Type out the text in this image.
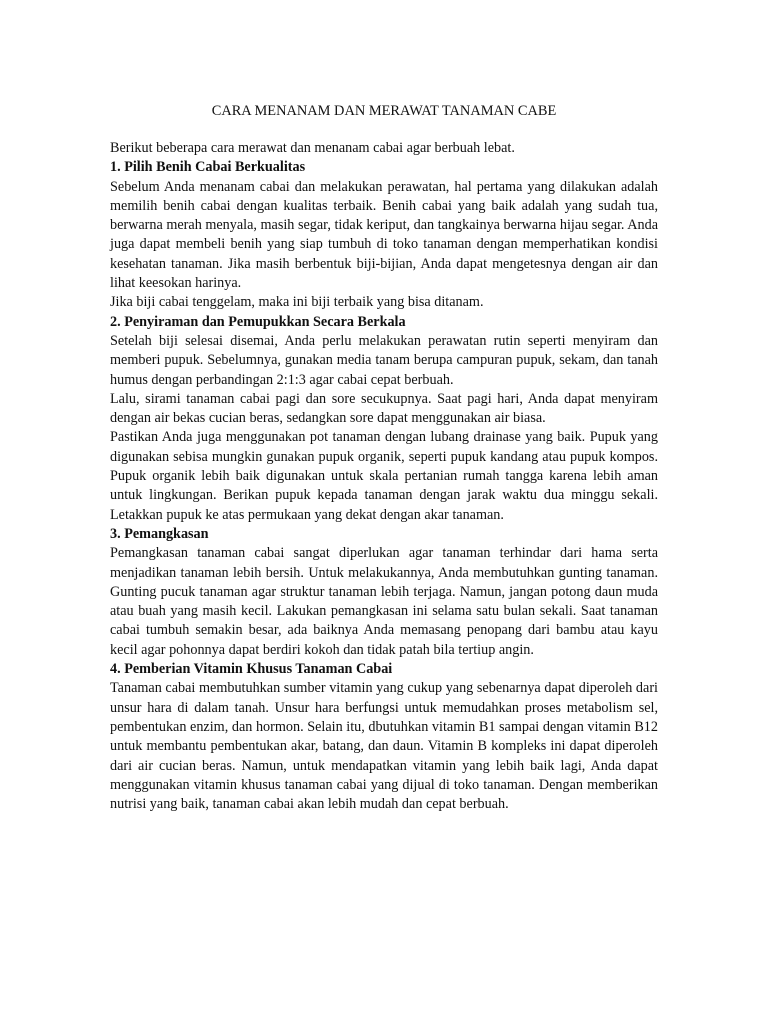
CARA MENANAM DAN MERAWAT TANAMAN CABE

Berikut beberapa cara merawat dan menanam cabai agar berbuah lebat.

1. Pilih Benih Cabai Berkualitas

Sebelum Anda menanam cabai dan melakukan perawatan, hal pertama yang dilakukan adalah memilih benih cabai dengan kualitas terbaik. Benih cabai yang baik adalah yang sudah tua, berwarna merah menyala, masih segar, tidak keriput, dan tangkainya berwarna hijau segar. Anda juga dapat membeli benih yang siap tumbuh di toko tanaman dengan memperhatikan kondisi kesehatan tanaman. Jika masih berbentuk biji-bijian, Anda dapat mengetesnya dengan air dan lihat keesokan harinya.

Jika biji cabai tenggelam, maka ini biji terbaik yang bisa ditanam.

2. Penyiraman dan Pemupukkan Secara Berkala

Setelah biji selesai disemai, Anda perlu melakukan perawatan rutin seperti menyiram dan memberi pupuk. Sebelumnya, gunakan media tanam berupa campuran pupuk, sekam, dan tanah humus dengan perbandingan 2:1:3 agar cabai cepat berbuah.

Lalu, sirami tanaman cabai pagi dan sore secukupnya. Saat pagi hari, Anda dapat menyiram dengan air bekas cucian beras, sedangkan sore dapat menggunakan air biasa.

Pastikan Anda juga menggunakan pot tanaman dengan lubang drainase yang baik. Pupuk yang digunakan sebisa mungkin gunakan pupuk organik, seperti pupuk kandang atau pupuk kompos. Pupuk organik lebih baik digunakan untuk skala pertanian rumah tangga karena lebih aman untuk lingkungan. Berikan pupuk kepada tanaman dengan jarak waktu dua minggu sekali. Letakkan pupuk ke atas permukaan yang dekat dengan akar tanaman.

3. Pemangkasan

Pemangkasan tanaman cabai sangat diperlukan agar tanaman terhindar dari hama serta menjadikan tanaman lebih bersih. Untuk melakukannya, Anda membutuhkan gunting tanaman. Gunting pucuk tanaman agar struktur tanaman lebih terjaga. Namun, jangan potong daun muda atau buah yang masih kecil. Lakukan pemangkasan ini selama satu bulan sekali. Saat tanaman cabai tumbuh semakin besar, ada baiknya Anda memasang penopang dari bambu atau kayu kecil agar pohonnya dapat berdiri kokoh dan tidak patah bila tertiup angin.

4. Pemberian Vitamin Khusus Tanaman Cabai

Tanaman cabai membutuhkan sumber vitamin yang cukup yang sebenarnya dapat diperoleh dari unsur hara di dalam tanah. Unsur hara berfungsi untuk memudahkan proses metabolism sel, pembentukan enzim, dan hormon. Selain itu, dbutuhkan vitamin B1 sampai dengan vitamin B12 untuk membantu pembentukan akar, batang, dan daun. Vitamin B kompleks ini dapat diperoleh dari air cucian beras. Namun, untuk mendapatkan vitamin yang lebih baik lagi, Anda dapat menggunakan vitamin khusus tanaman cabai yang dijual di toko tanaman. Dengan memberikan nutrisi yang baik, tanaman cabai akan lebih mudah dan cepat berbuah.
